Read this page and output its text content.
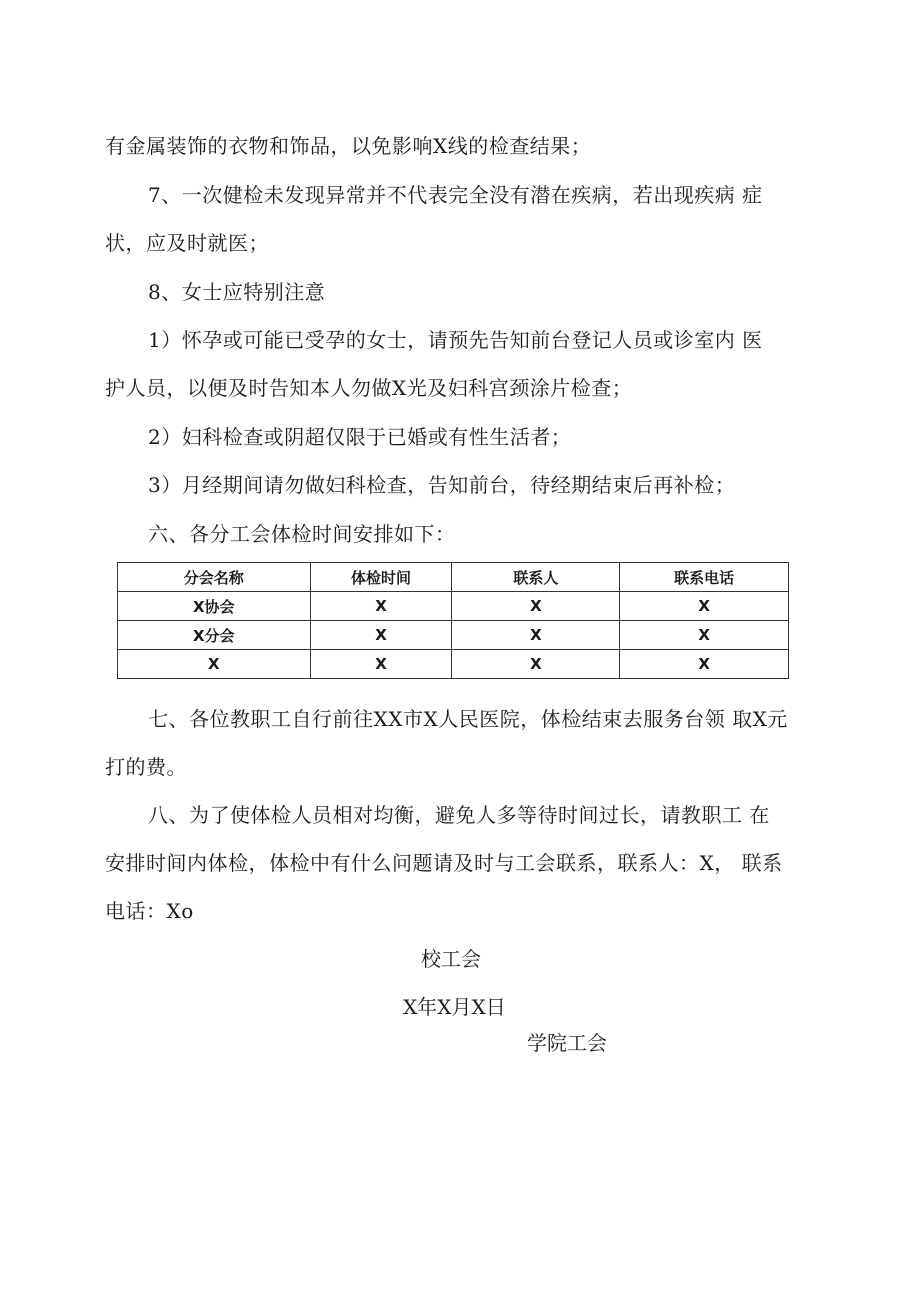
有金属装饰的衣物和饰品，以免影响X线的检查结果；
7、一次健检未发现异常并不代表完全没有潜在疾病，若出现疾病 症
状，应及时就医；
8、女士应特别注意
1）怀孕或可能已受孕的女士，请预先告知前台登记人员或诊室内 医
护人员，以便及时告知本人勿做X光及妇科宫颈涂片检查；
2）妇科检查或阴超仅限于已婚或有性生活者；
3）月经期间请勿做妇科检查，告知前台，待经期结束后再补检；
六、各分工会体检时间安排如下：
分会名称	体检时间	联系人	联系电话
X协会	X	X	X
X分会	X	X	X
X	X	X	X
七、各位教职工自行前往XX市X人民医院，体检结束去服务台领 取X元
打的费。
八、为了使体检人员相对均衡，避免人多等待时间过长，请教职工 在
安排时间内体检，体检中有什么问题请及时与工会联系，联系人：X， 联系
电话：Xo
校工会
X年X月X日
学院工会
